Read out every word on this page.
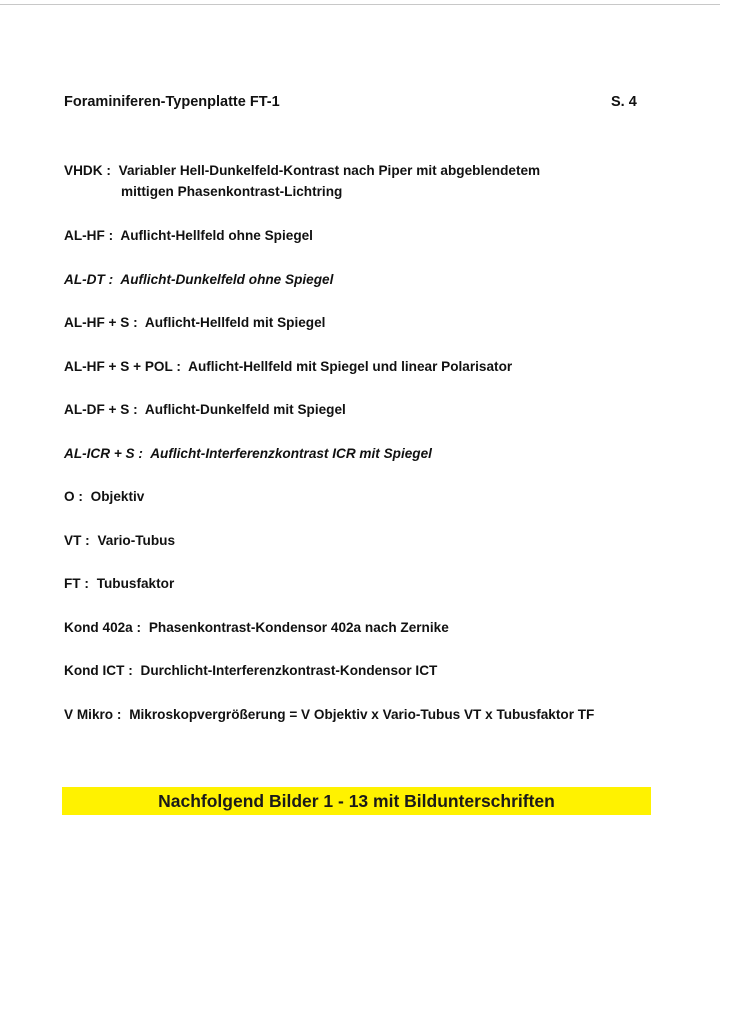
Foraminiferen-Typenplatte FT-1	S. 4
VHDK : Variabler Hell-Dunkelfeld-Kontrast nach Piper mit abgeblendetem
mittigen Phasenkontrast-Lichtring
AL-HF : Auflicht-Hellfeld ohne Spiegel
AL-DT : Auflicht-Dunkelfeld ohne Spiegel
AL-HF + S : Auflicht-Hellfeld mit Spiegel
AL-HF + S + POL : Auflicht-Hellfeld mit Spiegel und linear Polarisator
AL-DF + S : Auflicht-Dunkelfeld mit Spiegel
AL-ICR + S : Auflicht-Interferenzkontrast ICR mit Spiegel
O : Objektiv
VT : Vario-Tubus
FT : Tubusfaktor
Kond 402a : Phasenkontrast-Kondensor 402a nach Zernike
Kond ICT : Durchlicht-Interferenzkontrast-Kondensor ICT
V Mikro : Mikroskopvergrößerung = V Objektiv x Vario-Tubus VT x Tubusfaktor TF
Nachfolgend Bilder 1 - 13 mit Bildunterschriften
